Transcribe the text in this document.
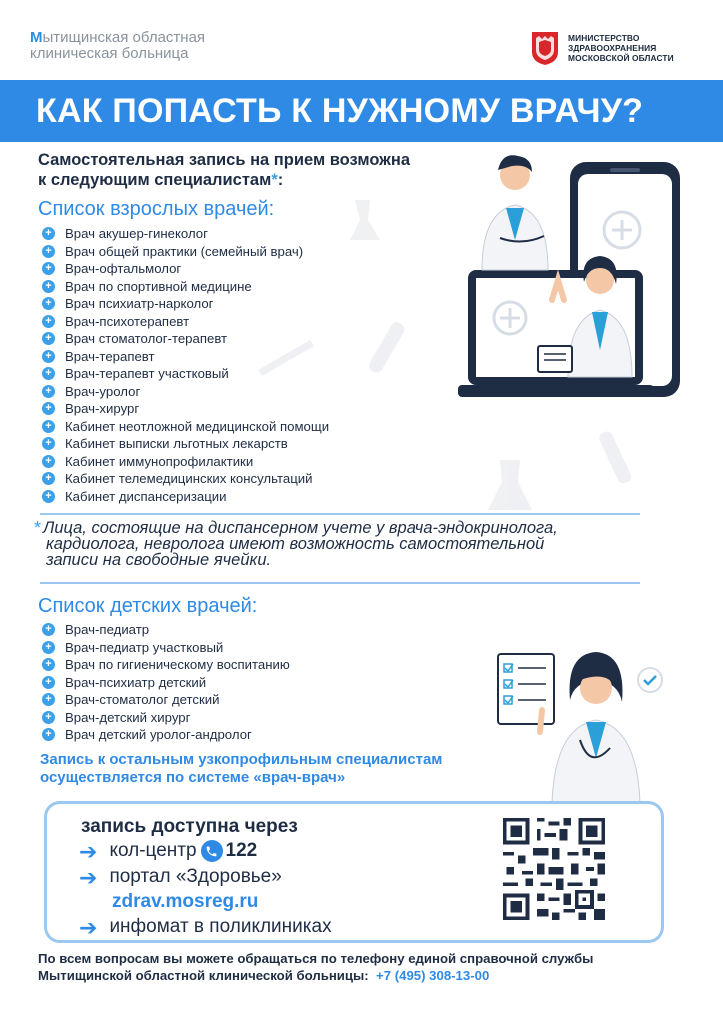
Мытищинская областная
клиническая больница
МИНИСТЕРСТВО
ЗДРАВООХРАНЕНИЯ
МОСКОВСКОЙ ОБЛАСТИ
КАК ПОПАСТЬ К НУЖНОМУ ВРАЧУ?
Самостоятельная запись на прием возможна
к следующим специалистам*:
Список взрослых врачей:
+ Врач акушер-гинеколог
+ Врач общей практики (семейный врач)
+ Врач-офтальмолог
+ Врач по спортивной медицине
+ Врач психиатр-нарколог
+ Врач-психотерапевт
+ Врач стоматолог-терапевт
+ Врач-терапевт
+ Врач-терапевт участковый
+ Врач-уролог
+ Врач-хирург
+ Кабинет неотложной медицинской помощи
+ Кабинет выписки льготных лекарств
+ Кабинет иммунопрофилактики
+ Кабинет телемедицинских консультаций
+ Кабинет диспансеризации
* Лица, состоящие на диспансерном учете у врача-эндокринолога,
кардиолога, невролога имеют возможность самостоятельной
записи на свободные ячейки.
Список детских врачей:
+ Врач-педиатр
+ Врач-педиатр участковый
+ Врач по гигиеническому воспитанию
+ Врач-психиатр детский
+ Врач-стоматолог детский
+ Врач-детский хирург
+ Врач детский уролог-андролог
Запись к остальным узкопрофильным специалистам
осуществляется по системе «врач-врач»
запись доступна через
➔ кол-центр 122
➔ портал «Здоровье»
zdrav.mosreg.ru
➔ инфомат в поликлиниках
По всем вопросам вы можете обращаться по телефону единой справочной службы
Мытищинской областной клинической больницы: +7 (495) 308-13-00
